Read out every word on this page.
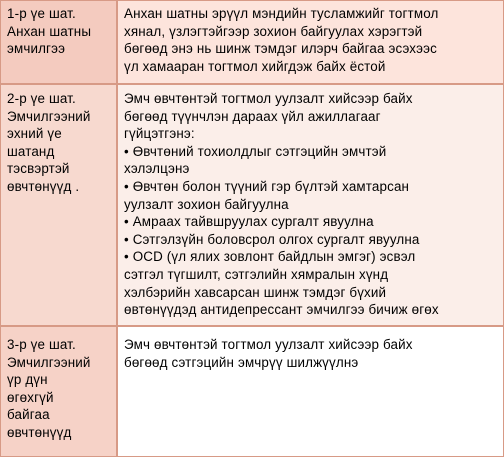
1-р үе шат.
Анхан шатны
эмчилгээ
Анхан шатны эрүүл мэндийн тусламжийг тогтмол
хянал, үзлэгтэйгээр зохион байгуулах хэрэгтэй
бөгөөд энэ нь шинж тэмдэг илэрч байгаа эсэхээс
үл хамааран тогтмол хийгдэж байх ёстой
2-р үе шат.
Эмчилгээний
эхний үе
шатанд
тэсвэртэй
өвчтөнүүд .
Эмч өвчтөнтэй тогтмол уулзалт хийсээр байх
бөгөөд түүнчлэн дараах үйл ажиллагааг
гүйцэтгэнэ:
• Өвчтөний тохиолдлыг сэтгэцийн эмчтэй
хэлэлцэнэ
• Өвчтөн болон түүний гэр бүлтэй хамтарсан
уулзалт зохион байгуулна
• Амраах тайвшруулах сургалт явуулна
• Сэтгэлзүйн боловсрол олгох сургалт явуулна
• OCD (үл ялих зовлонт байдлын эмгэг) эсвэл
сэтгэл түгшилт, сэтгэлийн хямралын хүнд
хэлбэрийн хавсарсан шинж тэмдэг бүхий
өвтөнүүдэд антидепрессант эмчилгээ бичиж өгөх
3-р үе шат.
Эмчилгээний
үр дүн
өгөхгүй
байгаа
өвчтөнүүд
Эмч өвчтөнтэй тогтмол уулзалт хийсээр байх
бөгөөд сэтгэцийн эмчрүү шилжүүлнэ
